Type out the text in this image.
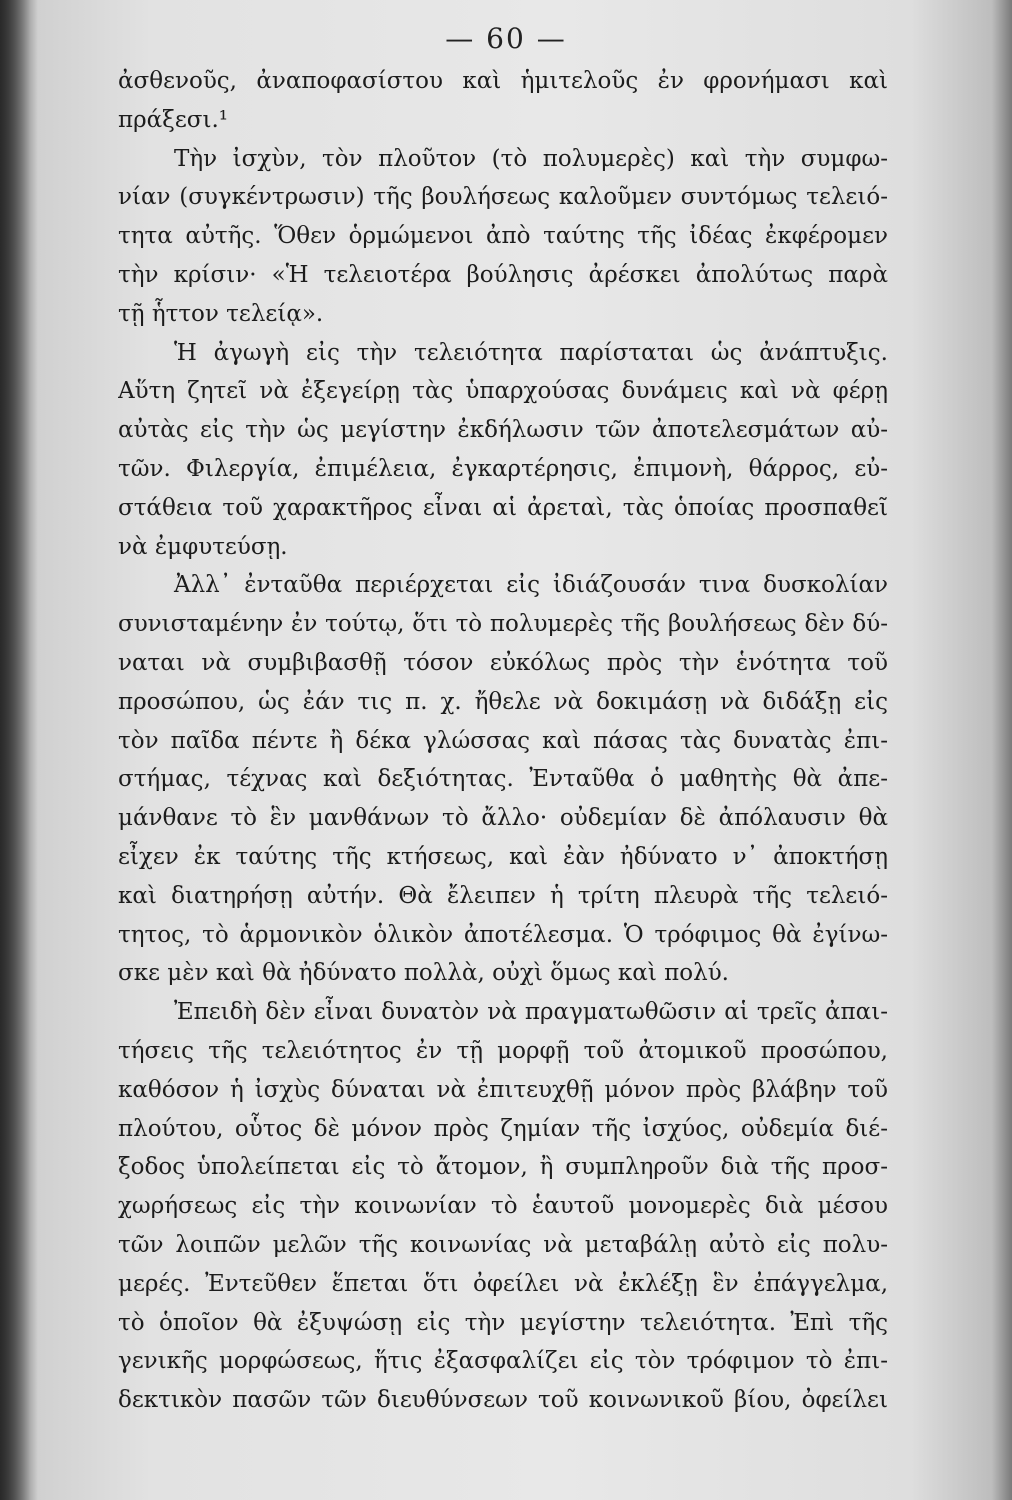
— 60 —
ἀσθενοῦς, ἀναποφασίστου καὶ ἡμιτελοῦς ἐν φρονήμασι καὶ
πράξεσι.¹
Τὴν ἰσχὺν, τὸν πλοῦτον (τὸ πολυμερὲς) καὶ τὴν συμφω-
νίαν (συγκέντρωσιν) τῆς βουλήσεως καλοῦμεν συντόμως τελειό-
τητα αὐτῆς. Ὅθεν ὁρμώμενοι ἀπὸ ταύτης τῆς ἰδέας ἐκφέρομεν
τὴν κρίσιν· «Ἡ τελειοτέρα βούλησις ἀρέσκει ἀπολύτως παρὰ
τῇ ἧττον τελείᾳ».
Ἡ ἀγωγὴ εἰς τὴν τελειότητα παρίσταται ὡς ἀνάπτυξις.
Αὕτη ζητεῖ νὰ ἐξεγείρῃ τὰς ὑπαρχούσας δυνάμεις καὶ νὰ φέρῃ
αὐτὰς εἰς τὴν ὡς μεγίστην ἐκδήλωσιν τῶν ἀποτελεσμάτων αὐ-
τῶν. Φιλεργία, ἐπιμέλεια, ἐγκαρτέρησις, ἐπιμονὴ, θάρρος, εὐ-
στάθεια τοῦ χαρακτῆρος εἶναι αἱ ἀρεταὶ, τὰς ὁποίας προσπαθεῖ
νὰ ἐμφυτεύσῃ.
Ἀλλ᾽ ἐνταῦθα περιέρχεται εἰς ἰδιάζουσάν τινα δυσκολίαν
συνισταμένην ἐν τούτῳ, ὅτι τὸ πολυμερὲς τῆς βουλήσεως δὲν δύ-
ναται νὰ συμβιβασθῇ τόσον εὐκόλως πρὸς τὴν ἑνότητα τοῦ
προσώπου, ὡς ἐάν τις π. χ. ἤθελε νὰ δοκιμάσῃ νὰ διδάξῃ εἰς
τὸν παῖδα πέντε ἢ δέκα γλώσσας καὶ πάσας τὰς δυνατὰς ἐπι-
στήμας, τέχνας καὶ δεξιότητας. Ἐνταῦθα ὁ μαθητὴς θὰ ἀπε-
μάνθανε τὸ ἓν μανθάνων τὸ ἄλλο· οὐδεμίαν δὲ ἀπόλαυσιν θὰ
εἶχεν ἐκ ταύτης τῆς κτήσεως, καὶ ἐὰν ἠδύνατο ν᾽ ἀποκτήσῃ
καὶ διατηρήσῃ αὐτήν. Θὰ ἔλειπεν ἡ τρίτη πλευρὰ τῆς τελειό-
τητος, τὸ ἁρμονικὸν ὁλικὸν ἀποτέλεσμα. Ὁ τρόφιμος θὰ ἐγίνω-
σκε μὲν καὶ θὰ ἠδύνατο πολλὰ, οὐχὶ ὅμως καὶ πολύ.
Ἐπειδὴ δὲν εἶναι δυνατὸν νὰ πραγματωθῶσιν αἱ τρεῖς ἀπαι-
τήσεις τῆς τελειότητος ἐν τῇ μορφῇ τοῦ ἀτομικοῦ προσώπου,
καθόσον ἡ ἰσχὺς δύναται νὰ ἐπιτευχθῇ μόνον πρὸς βλάβην τοῦ
πλούτου, οὗτος δὲ μόνον πρὸς ζημίαν τῆς ἰσχύος, οὐδεμία διέ-
ξοδος ὑπολείπεται εἰς τὸ ἄτομον, ἢ συμπληροῦν διὰ τῆς προσ-
χωρήσεως εἰς τὴν κοινωνίαν τὸ ἑαυτοῦ μονομερὲς διὰ μέσου
τῶν λοιπῶν μελῶν τῆς κοινωνίας νὰ μεταβάλῃ αὐτὸ εἰς πολυ-
μερές. Ἐντεῦθεν ἕπεται ὅτι ὀφείλει νὰ ἐκλέξῃ ἓν ἐπάγγελμα,
τὸ ὁποῖον θὰ ἐξυψώσῃ εἰς τὴν μεγίστην τελειότητα. Ἐπὶ τῆς
γενικῆς μορφώσεως, ἥτις ἐξασφαλίζει εἰς τὸν τρόφιμον τὸ ἐπι-
δεκτικὸν πασῶν τῶν διευθύνσεων τοῦ κοινωνικοῦ βίου, ὀφείλει
